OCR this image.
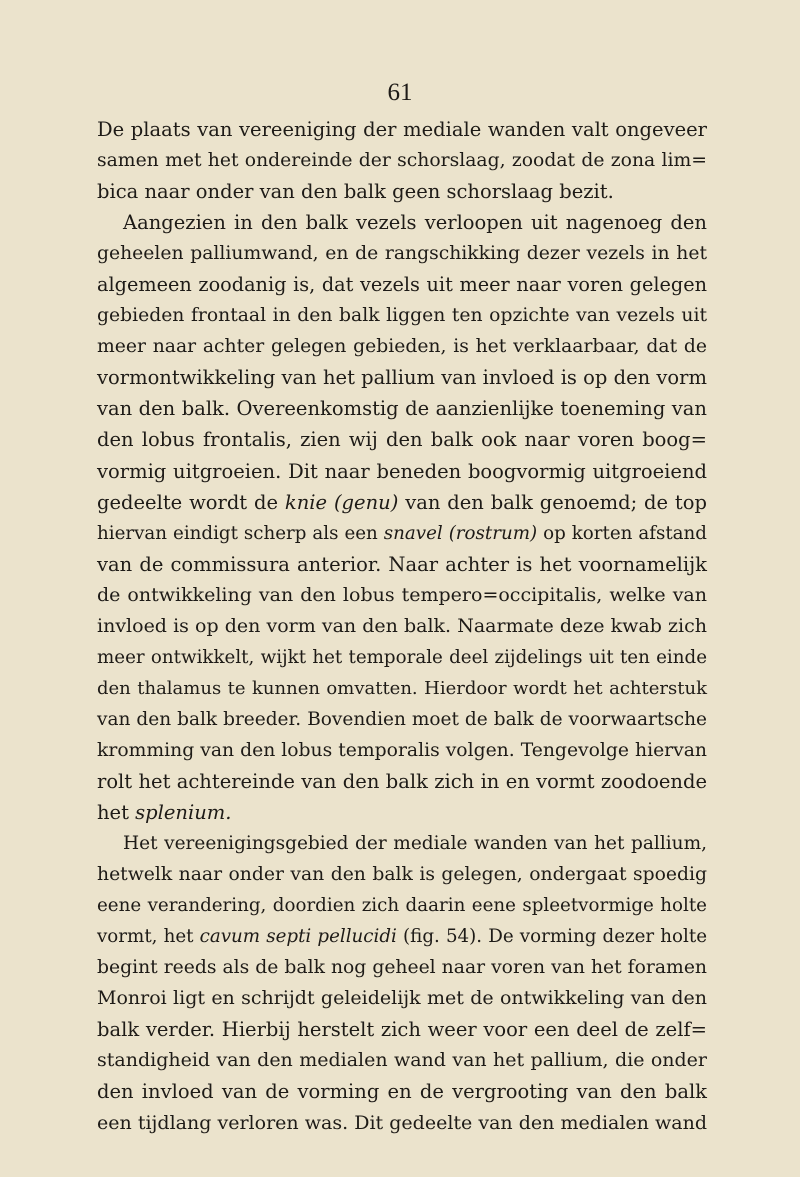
61
De plaats van vereeniging der mediale wanden valt ongeveer
samen met het ondereinde der schorslaag, zoodat de zona lim=
bica naar onder van den balk geen schorslaag bezit.
Aangezien in den balk vezels verloopen uit nagenoeg den
geheelen palliumwand, en de rangschikking dezer vezels in het
algemeen zoodanig is, dat vezels uit meer naar voren gelegen
gebieden frontaal in den balk liggen ten opzichte van vezels uit
meer naar achter gelegen gebieden, is het verklaarbaar, dat de
vormontwikkeling van het pallium van invloed is op den vorm
van den balk. Overeenkomstig de aanzienlijke toeneming van
den lobus frontalis, zien wij den balk ook naar voren boog=
vormig uitgroeien. Dit naar beneden boogvormig uitgroeiend
gedeelte wordt de knie (genu) van den balk genoemd; de top
hiervan eindigt scherp als een snavel (rostrum) op korten afstand
van de commissura anterior. Naar achter is het voornamelijk
de ontwikkeling van den lobus tempero=occipitalis, welke van
invloed is op den vorm van den balk. Naarmate deze kwab zich
meer ontwikkelt, wijkt het temporale deel zijdelings uit ten einde
den thalamus te kunnen omvatten. Hierdoor wordt het achterstuk
van den balk breeder. Bovendien moet de balk de voorwaartsche
kromming van den lobus temporalis volgen. Tengevolge hiervan
rolt het achtereinde van den balk zich in en vormt zoodoende
het splenium.
Het vereenigingsgebied der mediale wanden van het pallium,
hetwelk naar onder van den balk is gelegen, ondergaat spoedig
eene verandering, doordien zich daarin eene spleetvormige holte
vormt, het cavum septi pellucidi (fig. 54). De vorming dezer holte
begint reeds als de balk nog geheel naar voren van het foramen
Monroi ligt en schrijdt geleidelijk met de ontwikkeling van den
balk verder. Hierbij herstelt zich weer voor een deel de zelf=
standigheid van den medialen wand van het pallium, die onder
den invloed van de vorming en de vergrooting van den balk
een tijdlang verloren was. Dit gedeelte van den medialen wand
